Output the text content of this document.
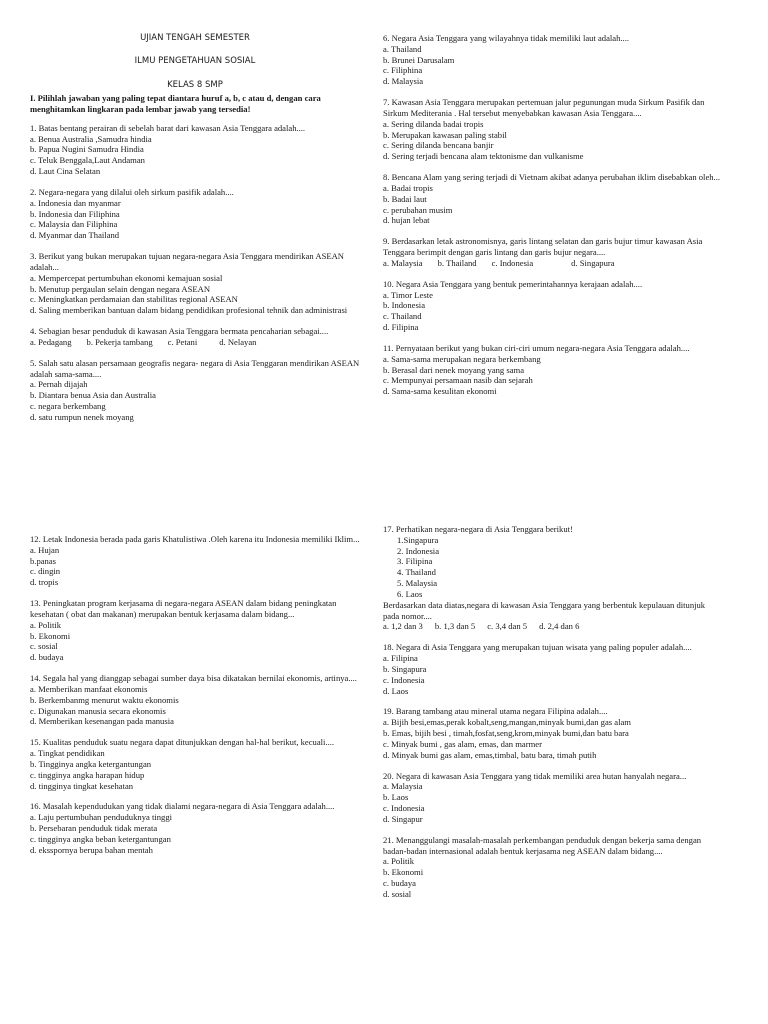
UJIAN TENGAH SEMESTER
ILMU PENGETAHUAN SOSIAL
KELAS 8 SMP
I. Pilihlah jawaban yang paling tepat diantara huruf a, b, c atau d, dengan cara menghitamkan lingkaran pada lembar jawab yang tersedia!

1. Batas bentang perairan di sebelah barat dari kawasan Asia Tenggara adalah....

a. Benua Australia ,Samudra hindia

b. Papua Nugini Samudra Hindia

c. Teluk Benggala,Laut Andaman

d. Laut Cina Selatan

2. Negara-negara yang dilalui oleh sirkum pasifik adalah....

a. Indonesia dan myanmar

b. Indonesia dan Filiphina

c. Malaysia dan Filiphina

d. Myanmar dan Thailand

3. Berikut yang bukan merupakan tujuan negara-negara Asia Tenggara mendirikan ASEAN adalah...

a. Mempercepat pertumbuhan ekonomi kemajuan sosial

b. Menutup pergaulan selain dengan negara ASEAN

c. Meningkatkan perdamaian dan stabilitas regional ASEAN

d. Saling memberikan bantuan dalam bidang pendidikan profesional tehnik dan administrasi

4. Sebagian besar penduduk di kawasan Asia Tenggara bermata pencaharian sebagai....

a. Pedagang b. Pekerja tambang c. Petani	d. Nelayan

5. Salah satu alasan persamaan geografis negara- negara di Asia Tenggaran mendirikan ASEAN adalah sama-sama....

a. Pernah dijajah

b. Diantara benua Asia dan Australia

c. negara berkembang

d. satu rumpun nenek moyang

6. Negara Asia Tenggara yang wilayahnya tidak memiliki laut adalah....

a. Thailand

b. Brunei Darusalam

c. Filiphina

d. Malaysia

7. Kawasan Asia Tenggara merupakan pertemuan jalur pegunungan muda Sirkum Pasifik dan Sirkum Mediterania . Hal tersebut menyebabkan kawasan Asia Tenggara....

a. Sering dilanda badai tropis

b. Merupakan kawasan paling stabil

c. Sering dilanda bencana banjir

d. Sering terjadi bencana alam tektonisme dan vulkanisme

8. Bencana Alam yang sering terjadi di Vietnam akibat adanya perubahan iklim disebabkan oleh...

a. Badai tropis

b. Badai laut

c. perubahan musim

d. hujan lebat

9. Berdasarkan letak astronomisnya, garis lintang selatan dan garis bujur timur kawasan Asia Tenggara berimpit dengan garis lintang dan garis bujur negara....

a. Malaysia b. Thailand c. Indonesia	d. Singapura

10. Negara Asia Tenggara yang bentuk pemerintahannya kerajaan adalah....

a. Timor Leste

b. Indonesia

c. Thailand

d. Filipina

11. Pernyataan berikut yang bukan ciri-ciri umum negara-negara Asia Tenggara adalah....

a. Sama-sama merupakan negara berkembang

b. Berasal dari nenek moyang yang sama

c. Mempunyai persamaan nasib dan sejarah

d. Sama-sama kesulitan ekonomi

12. Letak Indonesia berada pada garis Khatulistiwa .Oleh karena itu Indonesia memiliki Iklim...

a. Hujan

b.panas

c. dingin

d. tropis

13. Peningkatan program kerjasama di negara-negara ASEAN dalam bidang peningkatan kesehatan ( obat dan makanan) merupakan bentuk kerjasama dalam bidang...

a. Politik

b. Ekonomi

c. sosial

d. budaya

14. Segala hal yang dianggap sebagai sumber daya bisa dikatakan bernilai ekonomis, artinya....

a. Memberikan manfaat ekonomis

b. Berkembanmg menurut waktu ekonomis

c. Digunakan manusia secara ekonomis

d. Memberikan kesenangan pada manusia

15. Kualitas penduduk suatu negara dapat ditunjukkan dengan hal-hal berikut, kecuali....

a. Tingkat pendidikan

b. Tingginya angka ketergantungan

c. tingginya angka harapan hidup

d. tingginya tingkat kesehatan

16. Masalah kependudukan yang tidak dialami negara-negara di Asia Tenggara adalah....

a. Laju pertumbuhan penduduknya tinggi

b. Persebaran penduduk tidak merata

c. tingginya angka beban ketergantungan

d. eksspornya berupa bahan mentah

17. Perhatikan negara-negara di Asia Tenggara berikut!

1.Singapura

2. Indonesia

3. Filipina

4. Thailand

5. Malaysia

6. Laos

Berdasarkan data diatas,negara di kawasan Asia Tenggara yang berbentuk kepulauan ditunjuk pada nomor....

a. 1,2 dan 3 b. 1,3 dan 5 c. 3,4 dan 5 d. 2,4 dan 6

18. Negara di Asia Tenggara yang merupakan tujuan wisata yang paling populer adalah....

a. Filipina

b. Singapura

c. Indonesia

d. Laos

19. Barang tambang atau mineral utama negara Filipina adalah....

a. Bijih besi,emas,perak kobalt,seng,mangan,minyak bumi,dan gas alam

b. Emas, bijih besi , timah,fosfat,seng,krom,minyak bumi,dan batu bara

c. Minyak bumi , gas alam, emas, dan marmer

d. Minyak bumi gas alam, emas,timbal, batu bara, timah putih

20. Negara di kawasan Asia Tenggara yang tidak memiliki area hutan hanyalah negara...

a. Malaysia

b. Laos

c. Indonesia

d. Singapur

21. Menanggulangi masalah-masalah perkembangan penduduk dengan bekerja sama dengan badan-badan internasional adalah bentuk kerjasama neg ASEAN dalam bidang....

a. Politik

b. Ekonomi

c. budaya

d. sosial
